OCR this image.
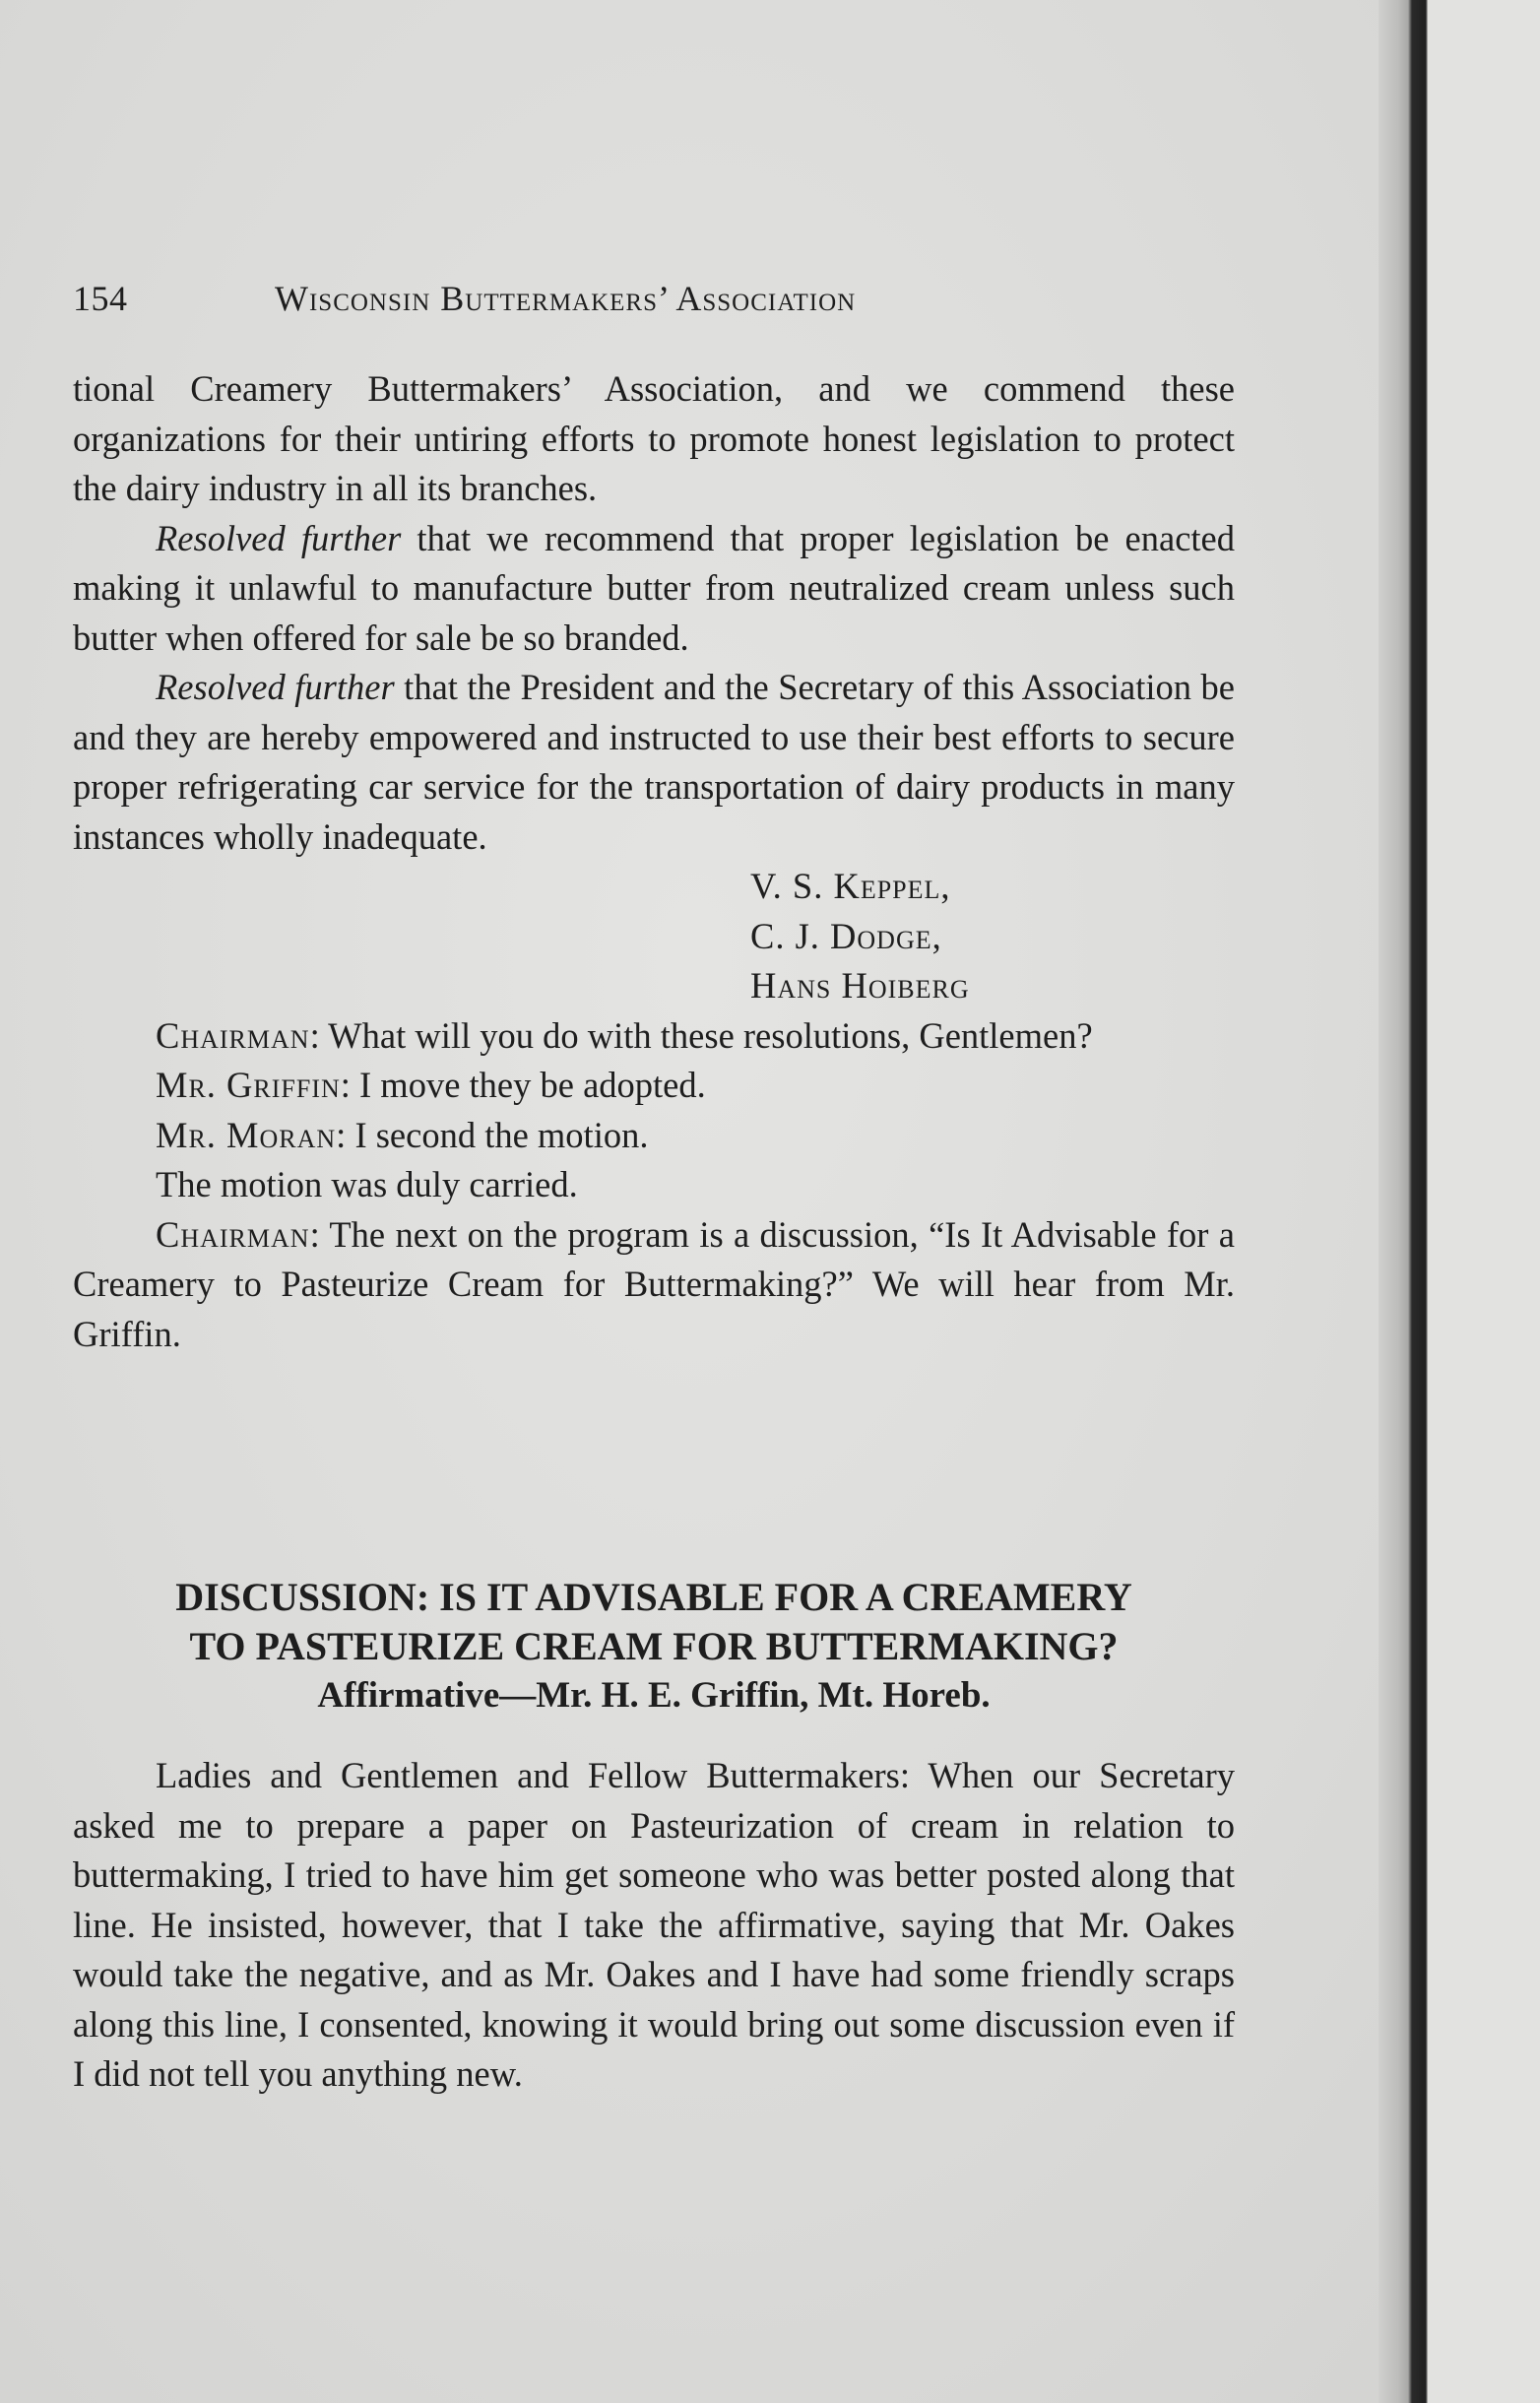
154	Wisconsin Buttermakers’ Association

tional Creamery Buttermakers’ Association, and we commend these organizations for their untiring efforts to promote honest legislation to protect the dairy industry in all its branches.

Resolved further that we recommend that proper legislation be enacted making it unlawful to manufacture butter from neutralized cream unless such butter when offered for sale be so branded.

Resolved further that the President and the Secretary of this Association be and they are hereby empowered and instructed to use their best efforts to secure proper refrigerating car service for the transportation of dairy products in many instances wholly inadequate.

V. S. Keppel,

C. J. Dodge,

Hans Hoiberg

Chairman: What will you do with these resolutions, Gentlemen?

Mr. Griffin: I move they be adopted.

Mr. Moran: I second the motion.

The motion was duly carried.

Chairman: The next on the program is a discussion, “Is It Advisable for a Creamery to Pasteurize Cream for Buttermaking?” We will hear from Mr. Griffin.

DISCUSSION: IS IT ADVISABLE FOR A CREAMERY
TO PASTEURIZE CREAM FOR BUTTERMAKING?
Affirmative—Mr. H. E. Griffin, Mt. Horeb.

Ladies and Gentlemen and Fellow Buttermakers: When our Secretary asked me to prepare a paper on Pasteurization of cream in relation to buttermaking, I tried to have him get someone who was better posted along that line. He insisted, however, that I take the affirmative, saying that Mr. Oakes would take the negative, and as Mr. Oakes and I have had some friendly scraps along this line, I consented, knowing it would bring out some discussion even if I did not tell you anything new.
